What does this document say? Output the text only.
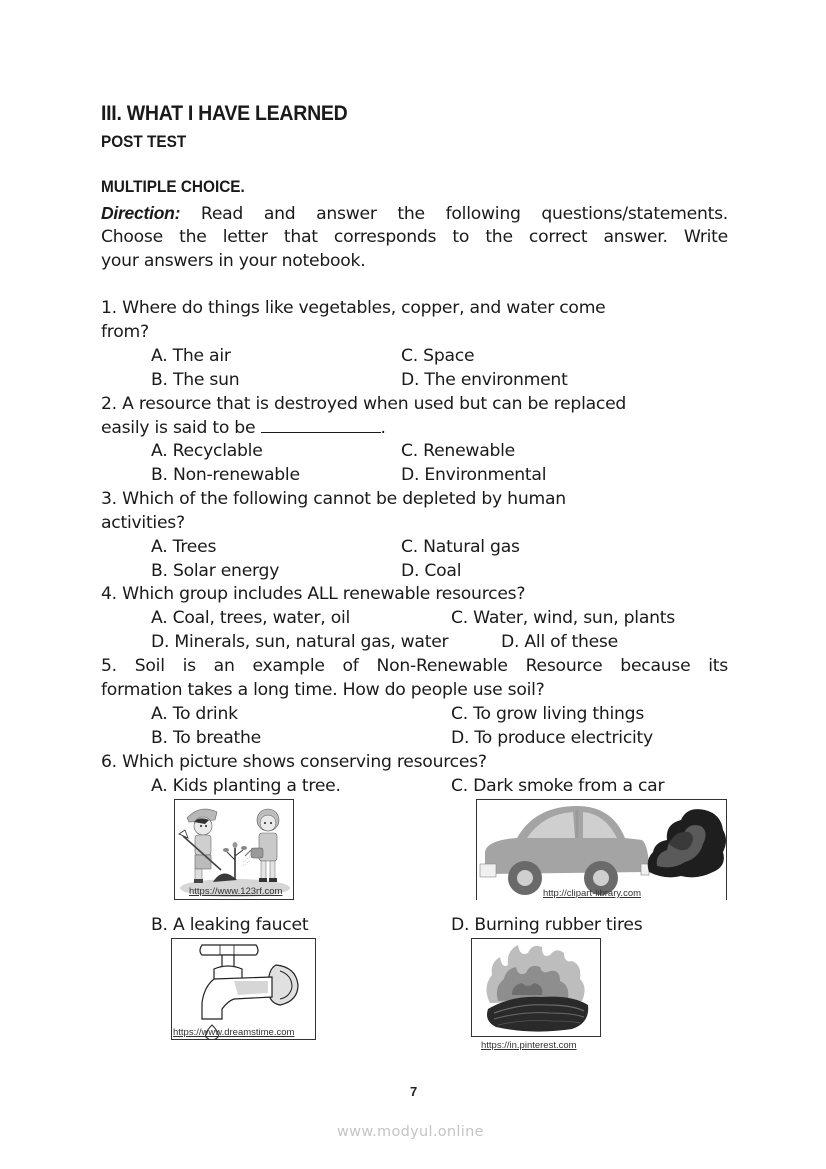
III. WHAT I HAVE LEARNED
POST TEST
MULTIPLE CHOICE.
Direction: Read and answer the following questions/statements.
Choose the letter that corresponds to the correct answer. Write
your answers in your notebook.
1. Where do things like vegetables, copper, and water come
from?
A. The air	C. Space
B. The sun	D. The environment
2. A resource that is destroyed when used but can be replaced
easily is said to be	.
A. Recyclable	C. Renewable
B. Non-renewable	D. Environmental
3. Which of the following cannot be depleted by human
activities?
A. Trees	C. Natural gas
B. Solar energy	D. Coal
4. Which group includes ALL renewable resources?
A. Coal, trees, water, oil	C. Water, wind, sun, plants
D. Minerals, sun, natural gas, water	D. All of these
5. Soil is an example of Non-Renewable Resource because its
formation takes a long time. How do people use soil?
A. To drink	C. To grow living things
B. To breathe	D. To produce electricity
6. Which picture shows conserving resources?
A. Kids planting a tree.	C. Dark smoke from a car
https://www.123rf.com	http://clipart-library.com
B. A leaking faucet	D. Burning rubber tires
https://www.dreamstime.com
https://in.pinterest.com
7
www.modyul.online
